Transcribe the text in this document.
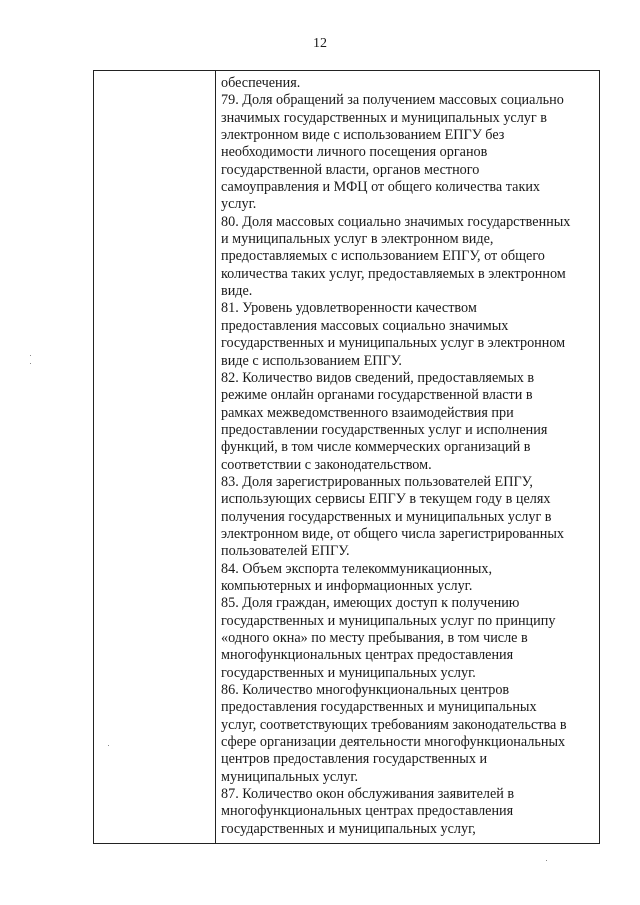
12

обеспечения.

79. Доля обращений за получением массовых социально

значимых государственных и муниципальных услуг в

электронном виде с использованием ЕПГУ без

необходимости личного посещения органов

государственной власти, органов местного

самоуправления и МФЦ от общего количества таких

услуг.

80. Доля массовых социально значимых государственных

и муниципальных услуг в электронном виде,

предоставляемых с использованием ЕПГУ, от общего

количества таких услуг, предоставляемых в электронном

виде.

81. Уровень удовлетворенности качеством

предоставления массовых социально значимых

государственных и муниципальных услуг в электронном

виде с использованием ЕПГУ.

82. Количество видов сведений, предоставляемых в

режиме онлайн органами государственной власти в

рамках межведомственного взаимодействия при

предоставлении государственных услуг и исполнения

функций, в том числе коммерческих организаций в

соответствии с законодательством.

83. Доля зарегистрированных пользователей ЕПГУ,

использующих сервисы ЕПГУ в текущем году в целях

получения государственных и муниципальных услуг в

электронном виде, от общего числа зарегистрированных

пользователей ЕПГУ.

84. Объем экспорта телекоммуникационных,

компьютерных и информационных услуг.

85. Доля граждан, имеющих доступ к получению

государственных и муниципальных услуг по принципу

«одного окна» по месту пребывания, в том числе в

многофункциональных центрах предоставления

государственных и муниципальных услуг.

86. Количество многофункциональных центров

предоставления государственных и муниципальных

услуг, соответствующих требованиям законодательства в

сфере организации деятельности многофункциональных

центров предоставления государственных и

муниципальных услуг.

87. Количество окон обслуживания заявителей в

многофункциональных центрах предоставления

государственных и муниципальных услуг,
